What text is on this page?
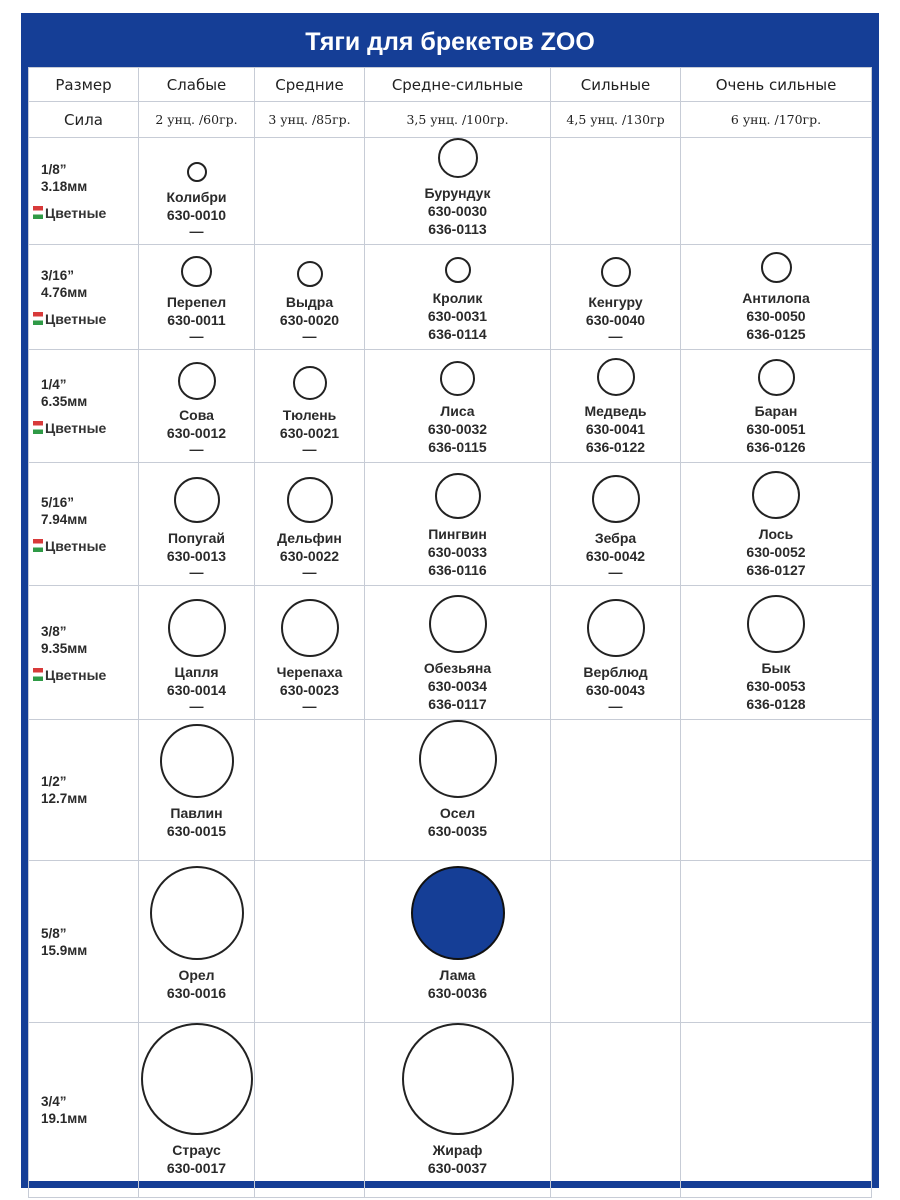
Тяги для брекетов ZOO
Размер	Слабые	Средние	Средне-сильные	Сильные	Очень сильные
Сила	2 унц. /60гр.	3 унц. /85гр.	3,5 унц. /100гр.	4,5 унц. /130гр	6 унц. /170гр.

1/8”
3.18мм
Цветные	Колибри
630-0010
—		Бурундук
630-0030
636-0113		

3/16”
4.76мм
Цветные	Перепел
630-0011
—	Выдра
630-0020
—	Кролик
630-0031
636-0114	Кенгуру
630-0040
—	Антилопа
630-0050
636-0125

1/4”
6.35мм
Цветные	Сова
630-0012
—	Тюлень
630-0021
—	Лиса
630-0032
636-0115	Медведь
630-0041
636-0122	Баран
630-0051
636-0126

5/16”
7.94мм
Цветные	Попугай
630-0013
—	Дельфин
630-0022
—	Пингвин
630-0033
636-0116	Зебра
630-0042
—	Лось
630-0052
636-0127

3/8”
9.35мм
Цветные	Цапля
630-0014
—	Черепаха
630-0023
—	Обезьяна
630-0034
636-0117	Верблюд
630-0043
—	Бык
630-0053
636-0128

1/2”
12.7мм	Павлин
630-0015		Осел
630-0035		

5/8”
15.9мм	Орел
630-0016		Лама
630-0036		

3/4”
19.1мм	Страус
630-0017		Жираф
630-0037		
